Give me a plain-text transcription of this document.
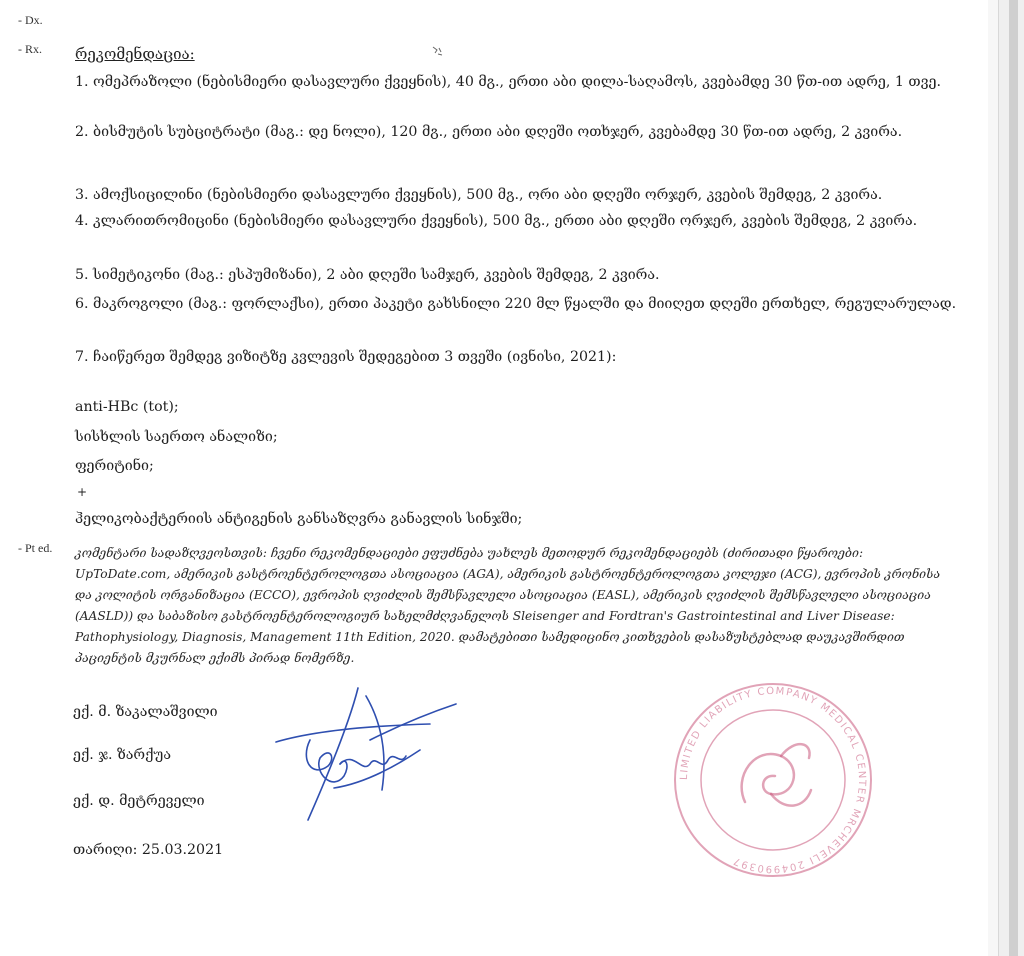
- Dx.
- Rx.
- Pt ed.
რეკომენდაცია:
1. ომეპრაზოლი (ნებისმიერი დასავლური ქვეყნის), 40 მგ., ერთი აბი დილა-საღამოს, კვებამდე 30 წთ-ით ადრე, 1 თვე.
2. ბისმუტის სუბციტრატი (მაგ.: დე ნოლი), 120 მგ., ერთი აბი დღეში ოთხჯერ, კვებამდე 30 წთ-ით ადრე, 2 კვირა.
3. ამოქსიცილინი (ნებისმიერი დასავლური ქვეყნის), 500 მგ., ორი აბი დღეში ორჯერ, კვების შემდეგ, 2 კვირა.
4. კლარითრომიცინი (ნებისმიერი დასავლური ქვეყნის), 500 მგ., ერთი აბი დღეში ორჯერ, კვების შემდეგ, 2 კვირა.
5. სიმეტიკონი (მაგ.: ესპუმიზანი), 2 აბი დღეში სამჯერ, კვების შემდეგ, 2 კვირა.
6. მაკროგოლი (მაგ.: ფორლაქსი), ერთი პაკეტი გახსნილი 220 მლ წყალში და მიიღეთ დღეში ერთხელ, რეგულარულად.
7. ჩაიწერეთ შემდეგ ვიზიტზე კვლევის შედეგებით 3 თვეში (ივნისი, 2021):
anti-HBc (tot);
სისხლის საერთო ანალიზი;
ფერიტინი;
+
ჰელიკობაქტერიის ანტიგენის განსაზღვრა განავლის სინჯში;
კომენტარი სადაზღვეოსთვის: ჩვენი რეკომენდაციები ეფუძნება უახლეს მეთოდურ რეკომენდაციებს (ძირითადი წყაროები:
UpToDate.com, ამერიკის გასტროენტეროლოგთა ასოციაცია (AGA), ამერიკის გასტროენტეროლოგთა კოლეჯი (ACG), ევროპის კრონისა
და კოლიტის ორგანიზაცია (ECCO), ევროპის ღვიძლის შემსწავლელი ასოციაცია (EASL), ამერიკის ღვიძლის შემსწავლელი ასოციაცია
(AASLD)) და საბაზისო გასტროენტეროლოგიურ სახელმძღვანელოს Sleisenger and Fordtran's Gastrointestinal and Liver Disease:
Pathophysiology, Diagnosis, Management 11th Edition, 2020. დამატებითი სამედიცინო კითხვების დასაზუსტებლად დაუკავშირდით
პაციენტის მკურნალ ექიმს პირად ნომერზე.
ექ. მ. ზაკალაშვილი
ექ. ჯ. ზარქუა
ექ. დ. მეტრეველი
თარიღი: 25.03.2021
LIMITED LIABILITY COMPANY MEDICAL CENTER MRCHEVELI 204990397
